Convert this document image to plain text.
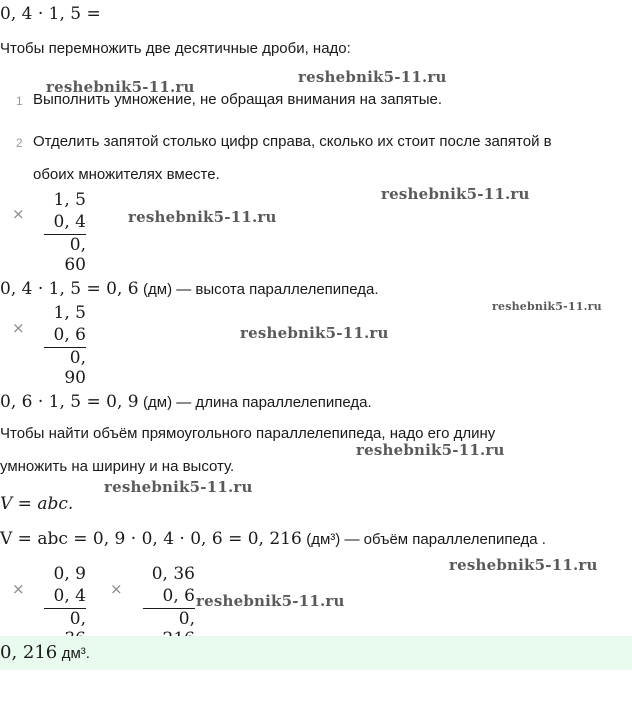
0, 4 · 1, 5 =
Чтобы перемножить две десятичные дроби, надо:
reshebnik5-11.ru
reshebnik5-11.ru
1 Выполнить умножение, не обращая внимания на запятые.
2 Отделить запятой столько цифр справа, сколько их стоит после запятой в
обоих множителях вместе.
×
1, 5
0, 4
0, 60
reshebnik5-11.ru
reshebnik5-11.ru
0, 4 · 1, 5 = 0, 6 (дм) — высота параллелепипеда.
reshebnik5-11.ru
×
1, 5
0, 6
0, 90
reshebnik5-11.ru
0, 6 · 1, 5 = 0, 9 (дм) — длина параллелепипеда.
Чтобы найти объём прямоугольного параллелепипеда, надо его длину
reshebnik5-11.ru
умножить на ширину и на высоту.
reshebnik5-11.ru
V = abc.
V = abc = 0, 9 · 0, 4 · 0, 6 = 0, 216 (дм³) — объём параллелепипеда .
reshebnik5-11.ru
×
0, 9
0, 4
0,
×
0, 36
0, 6
0,
reshebnik5-11.ru
0, 216 дм³.
